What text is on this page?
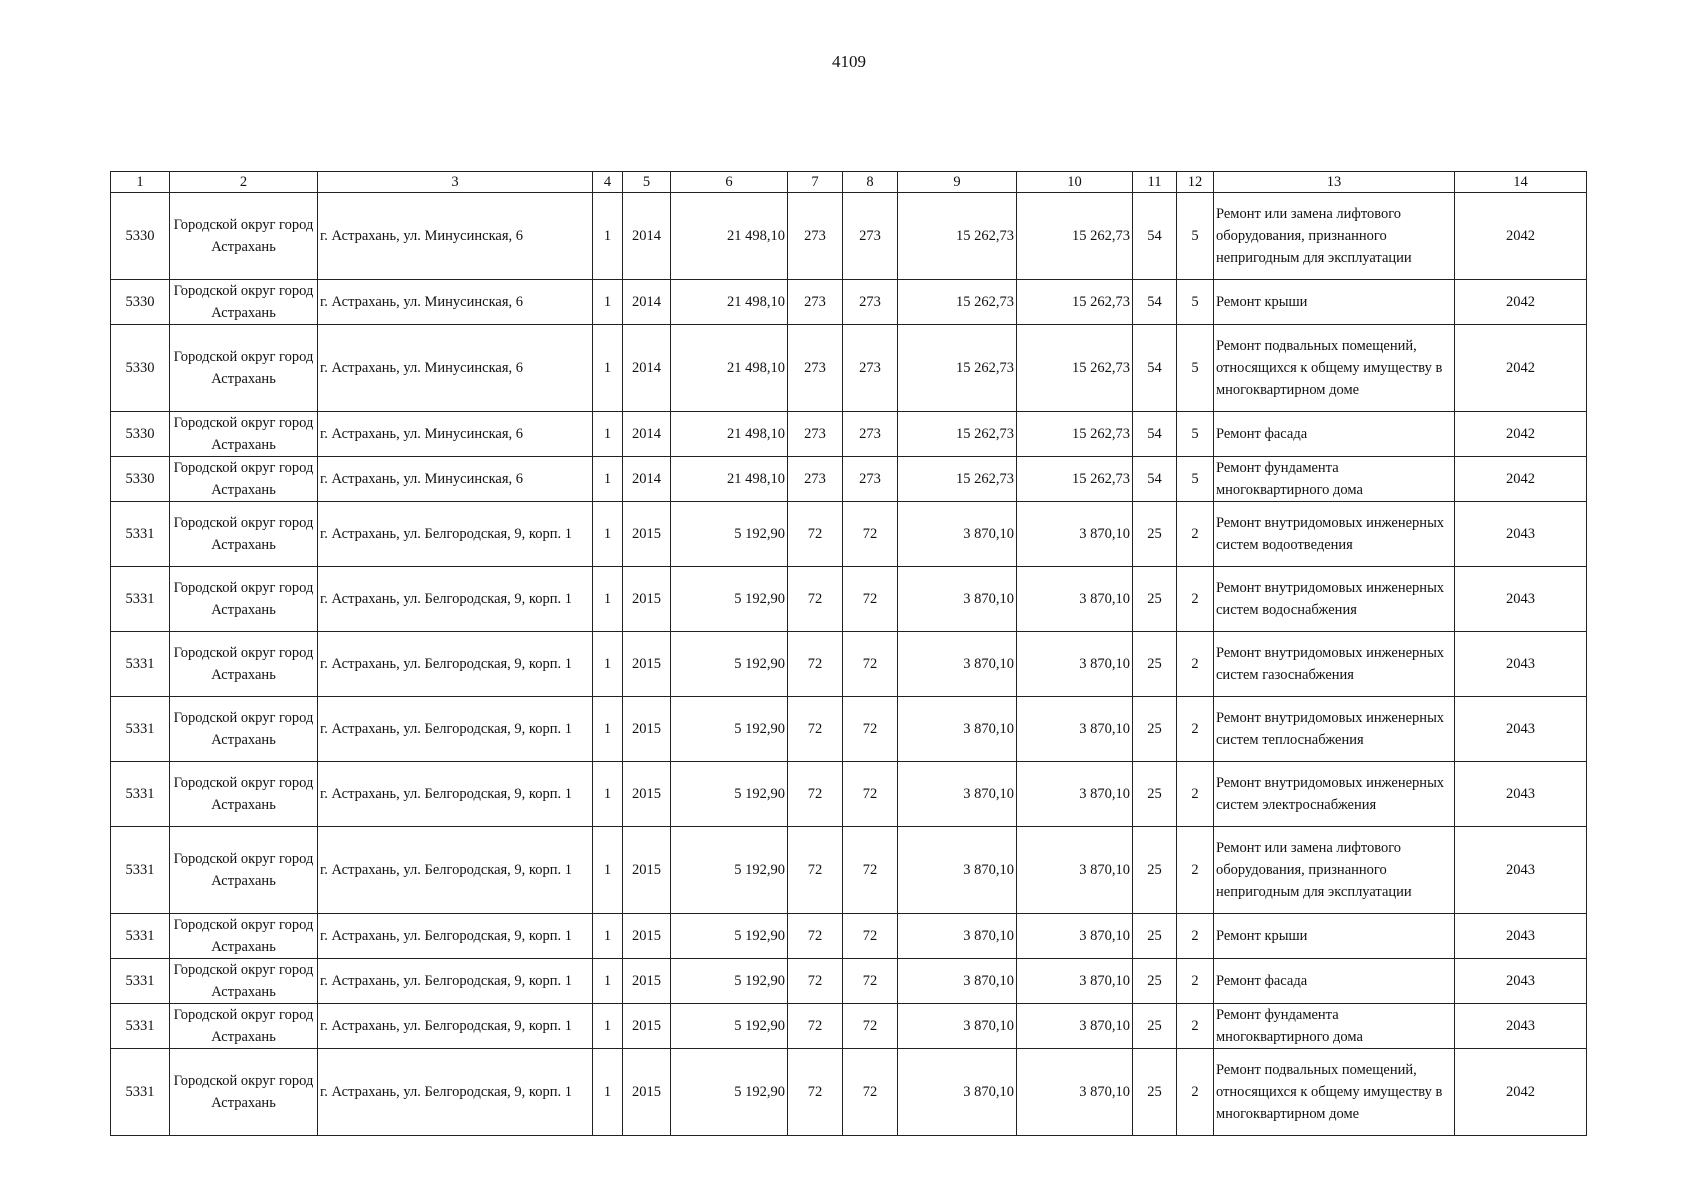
4109
1	2	3	4	5	6	7	8	9	10	11	12	13	14
5330	Городской округ город Астрахань	г. Астрахань, ул. Минусинская, 6	1	2014	21 498,10	273	273	15 262,73	15 262,73	54	5	Ремонт или замена лифтового оборудования, признанного непригодным для эксплуатации	2042
5330	Городской округ город Астрахань	г. Астрахань, ул. Минусинская, 6	1	2014	21 498,10	273	273	15 262,73	15 262,73	54	5	Ремонт крыши	2042
5330	Городской округ город Астрахань	г. Астрахань, ул. Минусинская, 6	1	2014	21 498,10	273	273	15 262,73	15 262,73	54	5	Ремонт подвальных помещений, относящихся к общему имуществу в многоквартирном доме	2042
5330	Городской округ город Астрахань	г. Астрахань, ул. Минусинская, 6	1	2014	21 498,10	273	273	15 262,73	15 262,73	54	5	Ремонт фасада	2042
5330	Городской округ город Астрахань	г. Астрахань, ул. Минусинская, 6	1	2014	21 498,10	273	273	15 262,73	15 262,73	54	5	Ремонт фундамента многоквартирного дома	2042
5331	Городской округ город Астрахань	г. Астрахань, ул. Белгородская, 9, корп. 1	1	2015	5 192,90	72	72	3 870,10	3 870,10	25	2	Ремонт внутридомовых инженерных систем водоотведения	2043
5331	Городской округ город Астрахань	г. Астрахань, ул. Белгородская, 9, корп. 1	1	2015	5 192,90	72	72	3 870,10	3 870,10	25	2	Ремонт внутридомовых инженерных систем водоснабжения	2043
5331	Городской округ город Астрахань	г. Астрахань, ул. Белгородская, 9, корп. 1	1	2015	5 192,90	72	72	3 870,10	3 870,10	25	2	Ремонт внутридомовых инженерных систем газоснабжения	2043
5331	Городской округ город Астрахань	г. Астрахань, ул. Белгородская, 9, корп. 1	1	2015	5 192,90	72	72	3 870,10	3 870,10	25	2	Ремонт внутридомовых инженерных систем теплоснабжения	2043
5331	Городской округ город Астрахань	г. Астрахань, ул. Белгородская, 9, корп. 1	1	2015	5 192,90	72	72	3 870,10	3 870,10	25	2	Ремонт внутридомовых инженерных систем электроснабжения	2043
5331	Городской округ город Астрахань	г. Астрахань, ул. Белгородская, 9, корп. 1	1	2015	5 192,90	72	72	3 870,10	3 870,10	25	2	Ремонт или замена лифтового оборудования, признанного непригодным для эксплуатации	2043
5331	Городской округ город Астрахань	г. Астрахань, ул. Белгородская, 9, корп. 1	1	2015	5 192,90	72	72	3 870,10	3 870,10	25	2	Ремонт крыши	2043
5331	Городской округ город Астрахань	г. Астрахань, ул. Белгородская, 9, корп. 1	1	2015	5 192,90	72	72	3 870,10	3 870,10	25	2	Ремонт фасада	2043
5331	Городской округ город Астрахань	г. Астрахань, ул. Белгородская, 9, корп. 1	1	2015	5 192,90	72	72	3 870,10	3 870,10	25	2	Ремонт фундамента многоквартирного дома	2043
5331	Городской округ город Астрахань	г. Астрахань, ул. Белгородская, 9, корп. 1	1	2015	5 192,90	72	72	3 870,10	3 870,10	25	2	Ремонт подвальных помещений, относящихся к общему имуществу в многоквартирном доме	2042
